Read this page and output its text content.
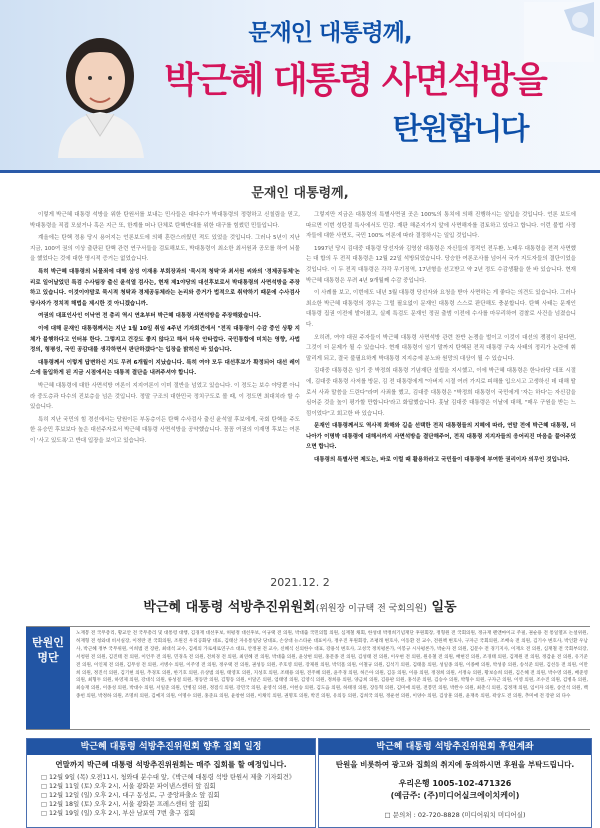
문재인 대통령께,
박근혜 대통령 사면석방을
탄원합니다
문재인 대통령께,

이렇게 박근혜 대통령 석방을 위한 탄원서를 보내는 민사들은 대다수가 박대통령의 정령하고 신칠림을 믿고, 박대통령을 직접 모셨거나 혹은 지근 또, 한계를 떠나 단체로 탄핵반대를 위한 대구를 힘썼던 민들입니다.

계올에는 탄핵 정용 당시 용어지는 언론보도에 의해 혼란스러웠던 적도 있었을 것입니다. 그러나 5년이 지난 지금, 100여 권의 이상 출판된 탄핵 관련 연구서들을 검토해보도, 박대통령이 최소한 최서원과 공모를 하여 뇌물을 했었다는 것에 대한 명시적 증거는 없었습니다.

특히 박근혜 대통령의 뇌물죄에 대해 삼성 이재용 부회장과의 '묵시적 청탁'과 최서원 씨와의 '경제공동체'논리로 일어날었던 특검 수사팀장 출신 윤석열 검사는, 현재 제1야당의 대선후보로서 박대통령의 사면석방을 주장하고 있습니다. 이것이야말로 묵시적 청탁과 경제공동체라는 논리와 증거가 법적으로 취약하기 때문에 수사검사 당사자가 정치적 해법을 제시한 것 아니겠습니까.

여권의 대표인사인 이낙연 전 총리 역시 연초부터 박근혜 대통령 사면석방을 주장해왔습니다.

이에 대해 문재인 대통령께서는 지난 1월 10일 취임 4주년 기자회견에서 "전직 대통령이 수감 중인 상황 지체가 불행하다고 인터뷰 한다. 그렇지고 건강도 좋지 않다고 해서 더욱 안타깝다. 국민통합에 미치는 영향, 사법 정의, 형평성, 국민 공감대를 생각하면서 판단하겠다"는 입장을 밝히신 바 있습니다.

대통령께서 이렇게 답변하신 지도 무려 6개월이 지났습니다. 특히 여야 모두 대선후보가 확정되어 대선 레이스에 돌입하게 된 지금 시점에서는 대통적 결단을 내려주셔야 합니다.

박근혜 대통령에 대한 사면석방 여론이 지지여론이 이미 절반을 넘었고 있습니다. 이 정도는 보수 야당뿐 아니라 중도층과 다수의 진보층을 넘은 것입니다. 정말 구조의 대한민국 정치구도로 볼 때, 이 정도면 최대치라 할 수 있습니다.

특히 지난 국민의 힘 경선에서는 당원이든 부동층이든 탄핵 수사검사 출신 윤석열 후보에게, 국회 탄핵을 주도한 유승민 후보보다 높은 대선주자로서 박근혜 대통령 사면석방을 공약했습니다. 꼼꼼 여권의 이재명 후보는 여론이 '사고 있도록'고 반대 입장을 보이고 있습니다.

그렇지만 지금은 대통령의 특별사면권 곳은 100%의 통치에 의해 진행하시는 일입을 것입니다. 언론 보도에 따르면 이번 성탄절 특사에서도 민감. 재판 해준지가지 앞에 사면해자를 검토하고 있다고 합니다. 이런 불법 사정자들에 대한 사면도, 국민 100% 여론에 따라 결정하시는 일입 것입니다.

1997년 당시 김대중 대통령 당선자와 김영삼 대통령은 자신들의 정적인 전두환, 노태우 대통령을 전격 사면했는 대 합의 두 전직 대통령은 12월 22일 석방되었습니다. 당승한 여론조사를 넘어서 국가 지도자들의 결단이었을 것입니다. 이 두 전직 대통령은 각각 무기징역, 17년형을 선고받고 약 2년 정도 수감생활을 한 바 있습니다. 현재 박근혜 대통령은 무려 4년 9개월째 수감 중입니다.

이 사례를 보고, 이번에도 내년 3월 대통령 당선자와 요청을 받아 사면하는 게 좋다는 의견도 있습니다. 그러나 최소한 박근혜 대통령의 경우는 그럴 필요없이 문재인 대통령 스스로 판단해도 충분합니다. 탄핵 사태는 문재인 대통령 집권 이전에 발어졌고, 실제 특검도 문재인 정권 출범 이전에 수사를 마무리하여 검찰로 사건을 넘겼습니다.

오히려, 여야 대권 주자들이 박근혜 대통령 사면석방 관련 찬반 논쟁을 벌이고 이것이 대선의 쟁점이 된다면, 그것이 더 문제가 될 수 있습니다. 현재 대통령이 임기 말까지 탄핵된 전직 대통령 구속 사태의 정리가 논란에 휘말리게 되고, 결국 불필요하게 박대통령 지지층에 분노와 원망의 대상이 될 수 있습니다.

김대중 대통령은 임기 중 박정희 대통령 기념재단 설립을 지시했고, 이에 박근혜 대통령은 한나라당 대표 시절에, 김대중 대통령 사저를 방문, 김 전 대통령에게 "아버지 시절 여러 가지로 피해를 입으시고 고생하신 데 대해 딸로서 사과 말씀을 드린다"라며 사죄를 했고, 김대중 대통령은 "박정희 대통령이 국민에게 '자는 하다'는 자신감을 심어준 것을 높이 평가할 만합니다'라고 화답했습니다. 훗날 김대중 대통령은 이날에 대해, "매우 구원을 받는 느낌이었다"고 회고한 바 있습니다.

문재인 대통령께서도 역사적 화해와 길을 선택한 전직 대통령들의 지혜에 따라, 연말 전에 박근혜 대통령, 더 나아가 이명박 대통령에 대해서까지 사면석방을 결단해주어, 전직 대통령 지지자들의 응어리진 마음을 풀어주었으면 합니다.

대통령의 특별사면 제도는, 바로 이럴 때 활용하라고 국민들이 대통령에 부여한 권리이자 의무인 것입니다.

2021.12. 2
박근혜 대통령 석방추진위원회(위원장 이규택 전 국회의원) 일동
탄원인
명단
노재봉 전 국무총리, 황교안 전 국무총리 및 대통령 대행, 김경재 대선후보, 허평정 대선후보, 이규택 전 의원, 박대출 국민의힘 의원, 심재철 채회, 한성대 박정희기념재단 후원회장, 정형원 전 국회의원, 정규재 펜앤마이크 주필, 권순용 전 통일열포 논설위원, 허재형 전 청와대 비서실장, 이정란 전 국회의원, 조원진 우리공화당 대표, 김태산 자유통일당 당대표, 손상대 뉴스타운 대표이사, 정우진 후원회장, 조평래 변호사, 이동환 전 교수, 전원책 변호사, 구자근 국회의원, 조배숙 전 의원, 김기수 변호사, 박인환 우남사, 박근혜 정부 국무위원, 이희범 전 장관, 최대석 교수, 김세의 가로세로연구소 대표, 안정권 전 교수, 신혜식 신의한수 대표, 강용석 변호사, 고성국 정치평론가, 이봉규 시사평론가, 박순자 전 의원, 김문수 전 경기지사, 이재오 전 의원, 심재철 전 국회부의장, 서청원 전 의원, 김진태 전 의원, 이언주 전 의원, 민경욱 전 의원, 전희경 전 의원, 최연혜 전 의원, 박대출 의원, 윤상현 의원, 홍문종 전 의원, 김성태 전 의원, 이우현 전 의원, 원유철 전 의원, 배현진 의원, 조경태 의원, 김재원 전 의원, 정갑윤 전 의원, 유기준 전 의원, 이인제 전 의원, 김무성 전 의원, 서병수 의원, 이주영 전 의원, 정우택 전 의원, 권성동 의원, 주호영 의원, 장제원 의원, 박덕흠 의원, 이철규 의원, 김석기 의원, 김태흠 의원, 성일종 의원, 이종배 의원, 박성중 의원, 송석준 의원, 김선동 전 의원, 이만희 의원, 정진석 의원, 김기현 의원, 추경호 의원, 한기호 의원, 유상범 의원, 태영호 의원, 지성호 의원, 조태용 의원, 전주혜 의원, 윤주경 의원, 허은아 의원, 김웅 의원, 이용 의원, 정경희 의원, 서정숙 의원, 황보승희 의원, 김은혜 전 의원, 박수영 의원, 배준영 의원, 최형두 의원, 하영제 의원, 강대식 의원, 류성걸 의원, 정동만 의원, 김형동 의원, 이달곤 의원, 엄태영 의원, 김영식 의원, 정희용 의원, 양금희 의원, 김용판 의원, 홍석준 의원, 김승수 의원, 박형수 의원, 구자근 의원, 이영 의원, 조수진 의원, 김병욱 의원, 최승재 의원, 이종성 의원, 박대수 의원, 서일준 의원, 안병길 의원, 정점식 의원, 강민국 의원, 윤영석 의원, 이헌승 의원, 김도읍 의원, 하태경 의원, 장동혁 의원, 김미애 의원, 전봉민 의원, 박완수 의원, 최춘식 의원, 김정재 의원, 임이자 의원, 송언석 의원, 백종헌 의원, 박정하 의원, 조명희 의원, 김예지 의원, 이명수 의원, 홍준표 의원, 윤창현 의원, 이채익 의원, 권명호 의원, 박진 의원, 유의동 의원, 김희국 의원, 정운천 의원, 이양수 의원, 김상훈 의원, 윤재옥 의원, 곽상도 전 의원, 추미애 전 장관 외 다수
박근혜 대통령 석방추진위원회 향후 집회 일정
연말까지 박근혜 대통령 석방추진위원회는 매주 집회를 할 예정입니다.
□ 12월 9일 (목) 오전11시, 청와대 분수대 앞,《박근혜 대통령 석방 탄원서 제출 기자회견》
□ 12월 11일 (토) 오후 2시, 서울 광화문 파이낸스센터 앞 집회
□ 12월 12일 (일) 오후 2시, 대구 동성로, 구 중앙파출소 앞 집회
□ 12월 18일 (토) 오후 2시, 서울 광화문 프레스센터 앞 집회
□ 12월 19일 (일) 오후 2시, 부산 남포역 7번 출구 집회
박근혜 대통령 석방추진위원회 후원계좌
탄원을 비롯하여 광고와 집회의 취지에 동의하시면 후원을 부탁드립니다.
우리은행 1005-102-471326
(예금주: (주)미디어실크에이치케이)
□ 문의처 : 02-720-8828 (미디어워치 미디어실)
